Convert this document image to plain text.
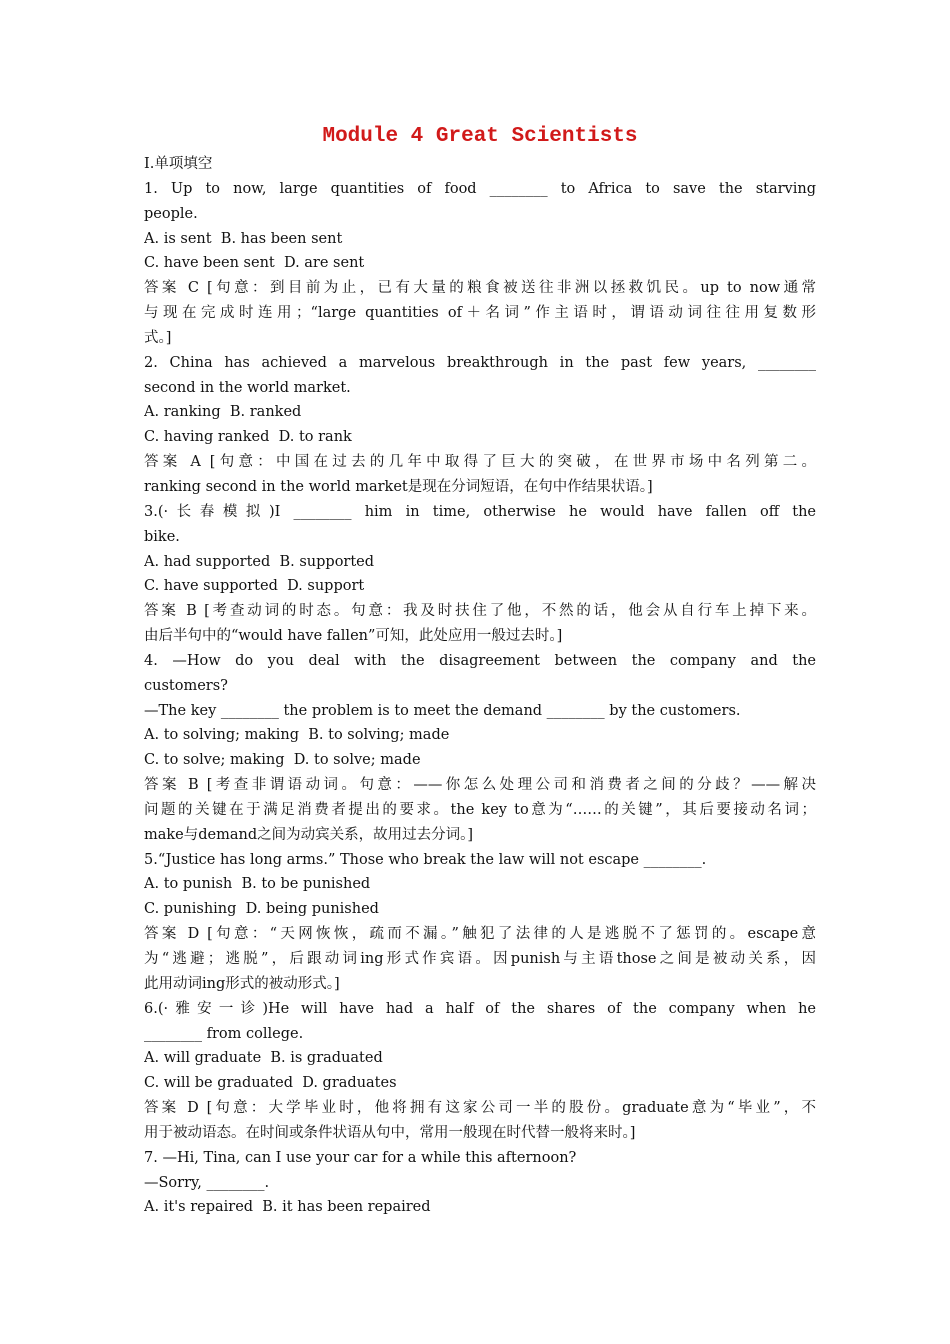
Module 4 Great Scientists
Ⅰ.单项填空
1. Up to now, large quantities of food ________ to Africa to save the starving
people.
A. is sent  B. has been sent
C. have been sent  D. are sent
答案 C [句意：到目前为止，已有大量的粮食被送往非洲以拯救饥民。up to now通常
与现在完成时连用；“large quantities of＋名词”作主语时，谓语动词往往用复数形
式。]
2. China has achieved a marvelous breakthrough in the past few years, ________
second in the world market.
A. ranking  B. ranked
C. having ranked  D. to rank
答案 A [句意：中国在过去的几年中取得了巨大的突破，在世界市场中名列第二。
ranking second in the world market是现在分词短语，在句中作结果状语。]
3.(·长春模拟)I ________ him in time, otherwise he would have fallen off the
bike.
A. had supported  B. supported
C. have supported  D. support
答案 B [考查动词的时态。句意：我及时扶住了他，不然的话，他会从自行车上掉下来。
由后半句中的“would have fallen”可知，此处应用一般过去时。]
4. —How do you deal with the disagreement between the company and the
customers?
—The key ________ the problem is to meet the demand ________ by the customers.
A. to solving; making  B. to solving; made
C. to solve; making  D. to solve; made
答案 B [考查非谓语动词。句意：——你怎么处理公司和消费者之间的分歧？——解决
问题的关键在于满足消费者提出的要求。the key to意为“……的关键”，其后要接动名词；
make与demand之间为动宾关系，故用过去分词。]
5.“Justice has long arms.” Those who break the law will not escape ________.
A. to punish  B. to be punished
C. punishing  D. being punished
答案 D [句意：“天网恢恢，疏而不漏。”触犯了法律的人是逃脱不了惩罚的。escape意
为“逃避；逃脱”，后跟动词ing形式作宾语。因punish与主语those之间是被动关系，因
此用动词ing形式的被动形式。]
6.(·雅安一诊)He will have had a half of the shares of the company when he
________ from college.
A. will graduate  B. is graduated
C. will be graduated  D. graduates
答案 D [句意：大学毕业时，他将拥有这家公司一半的股份。graduate意为“毕业”，不
用于被动语态。在时间或条件状语从句中，常用一般现在时代替一般将来时。]
7. —Hi, Tina, can I use your car for a while this afternoon?
—Sorry, ________.
A. it's repaired  B. it has been repaired
